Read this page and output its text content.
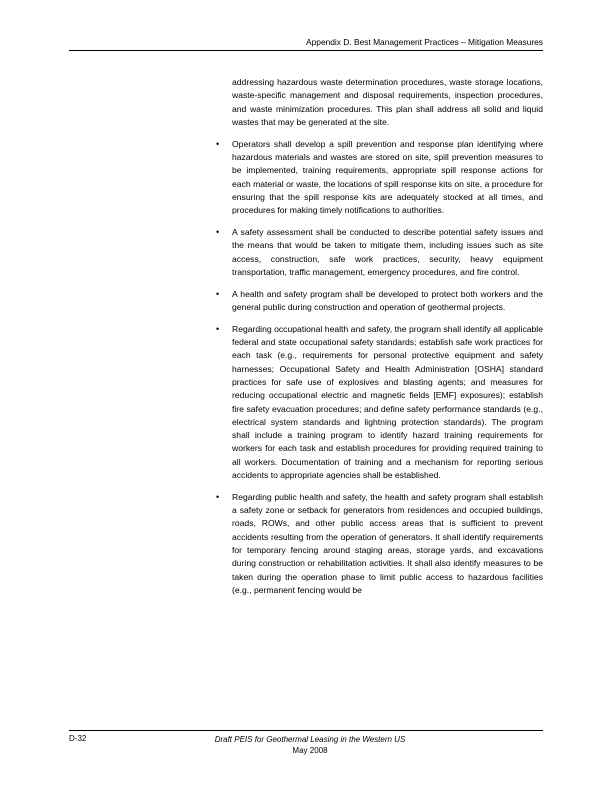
Appendix D. Best Management Practices – Mitigation Measures

addressing hazardous waste determination procedures, waste storage locations, waste-specific management and disposal requirements, inspection procedures, and waste minimization procedures. This plan shall address all solid and liquid wastes that may be generated at the site.

• Operators shall develop a spill prevention and response plan identifying where hazardous materials and wastes are stored on site, spill prevention measures to be implemented, training requirements, appropriate spill response actions for each material or waste, the locations of spill response kits on site, a procedure for ensuring that the spill response kits are adequately stocked at all times, and procedures for making timely notifications to authorities.
• A safety assessment shall be conducted to describe potential safety issues and the means that would be taken to mitigate them, including issues such as site access, construction, safe work practices, security, heavy equipment transportation, traffic management, emergency procedures, and fire control.
• A health and safety program shall be developed to protect both workers and the general public during construction and operation of geothermal projects.
• Regarding occupational health and safety, the program shall identify all applicable federal and state occupational safety standards; establish safe work practices for each task (e.g., requirements for personal protective equipment and safety harnesses; Occupational Safety and Health Administration [OSHA] standard practices for safe use of explosives and blasting agents; and measures for reducing occupational electric and magnetic fields [EMF] exposures); establish fire safety evacuation procedures; and define safety performance standards (e.g., electrical system standards and lightning protection standards). The program shall include a training program to identify hazard training requirements for workers for each task and establish procedures for providing required training to all workers. Documentation of training and a mechanism for reporting serious accidents to appropriate agencies shall be established.
• Regarding public health and safety, the health and safety program shall establish a safety zone or setback for generators from residences and occupied buildings, roads, ROWs, and other public access areas that is sufficient to prevent accidents resulting from the operation of generators. It shall identify requirements for temporary fencing around staging areas, storage yards, and excavations during construction or rehabilitation activities. It shall also identify measures to be taken during the operation phase to limit public access to hazardous facilities (e.g., permanent fencing would be
D-32	Draft PEIS for Geothermal Leasing in the Western US
May 2008
